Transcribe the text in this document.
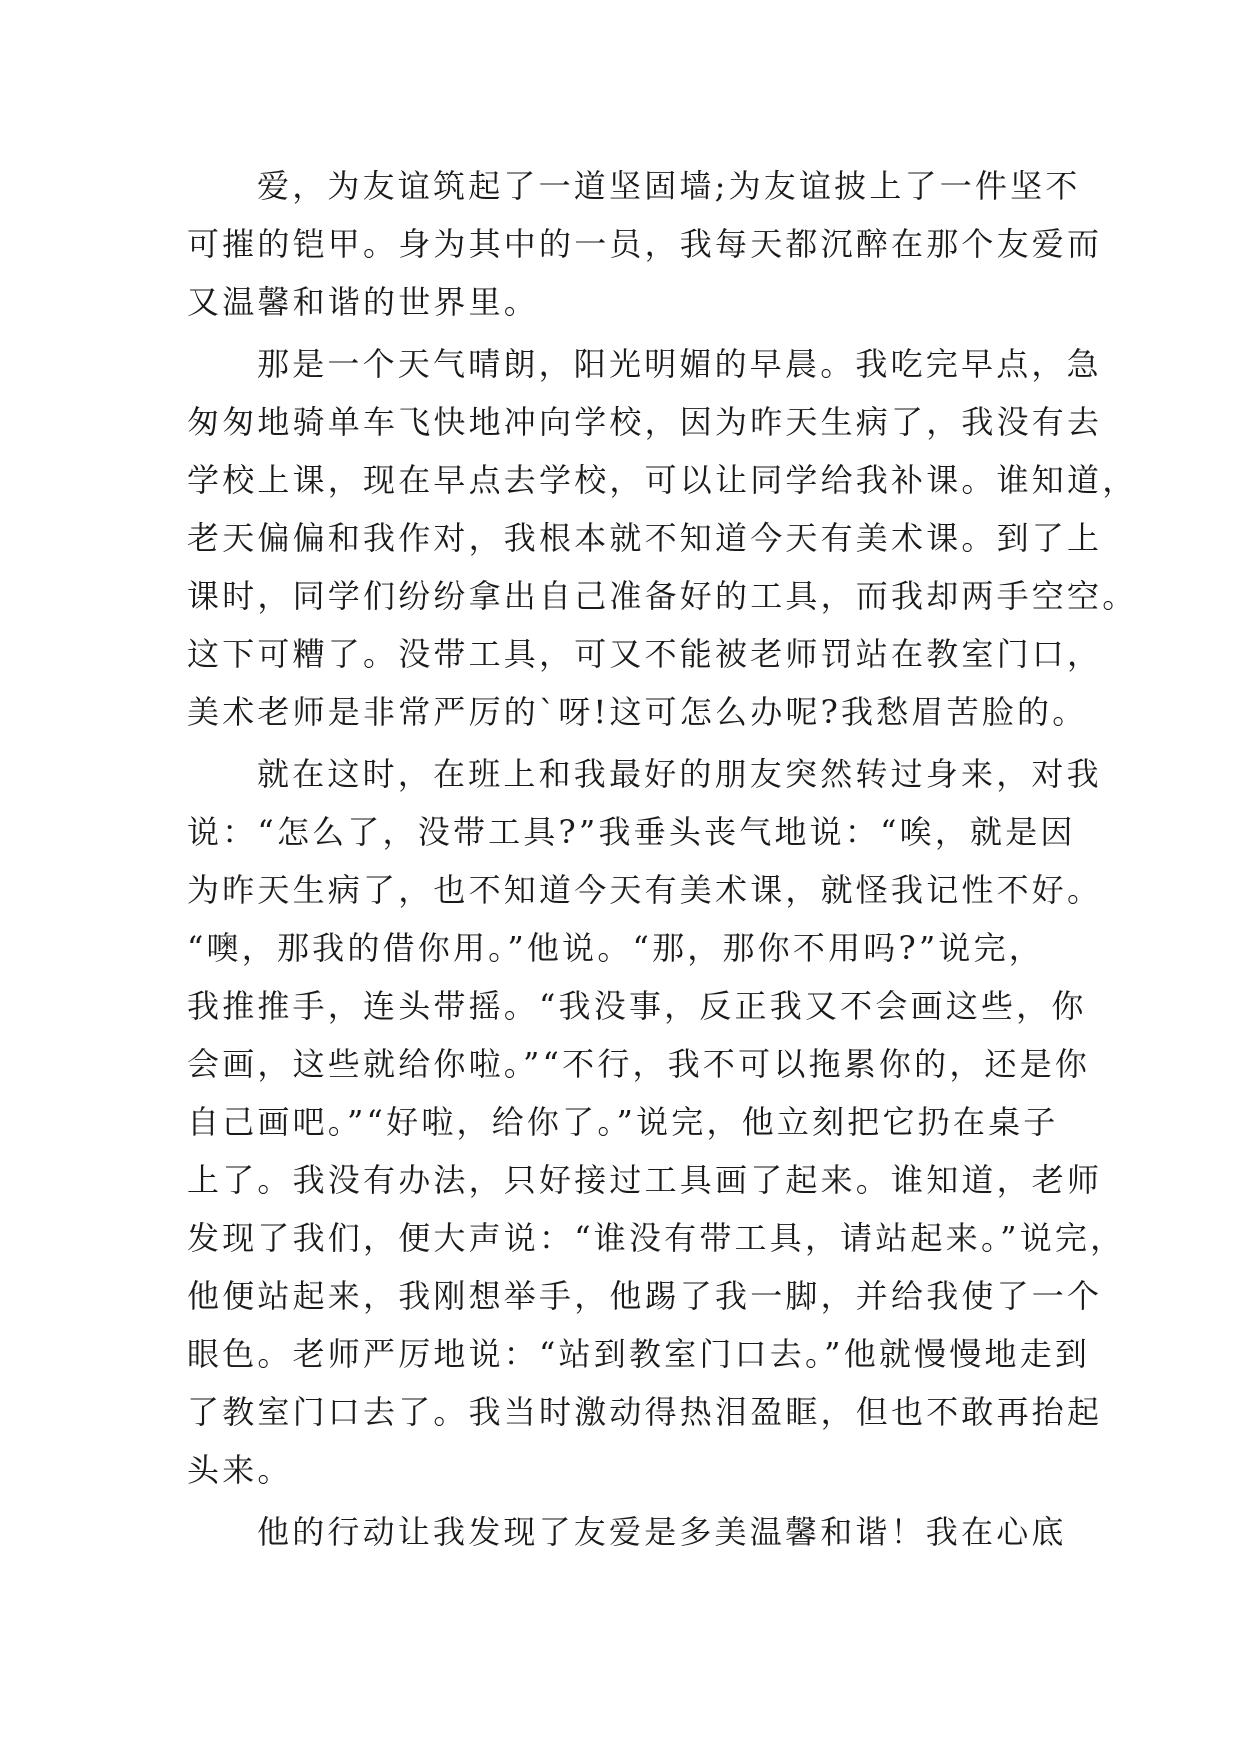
爱，为友谊筑起了一道坚固墙;为友谊披上了一件坚不
可摧的铠甲。身为其中的一员，我每天都沉醉在那个友爱而
又温馨和谐的世界里。
那是一个天气晴朗，阳光明媚的早晨。我吃完早点，急
匆匆地骑单车飞快地冲向学校，因为昨天生病了，我没有去
学校上课，现在早点去学校，可以让同学给我补课。谁知道，
老天偏偏和我作对，我根本就不知道今天有美术课。到了上
课时，同学们纷纷拿出自己准备好的工具，而我却两手空空。
这下可糟了。没带工具，可又不能被老师罚站在教室门口，
美术老师是非常严厉的`呀!这可怎么办呢?我愁眉苦脸的。
就在这时，在班上和我最好的朋友突然转过身来，对我
说：“怎么了，没带工具?”我垂头丧气地说：“唉，就是因
为昨天生病了，也不知道今天有美术课，就怪我记性不好。
“噢，那我的借你用。”他说。“那，那你不用吗?”说完，
我推推手，连头带摇。“我没事，反正我又不会画这些，你
会画，这些就给你啦。”“不行，我不可以拖累你的，还是你
自己画吧。”“好啦，给你了。”说完，他立刻把它扔在桌子
上了。我没有办法，只好接过工具画了起来。谁知道，老师
发现了我们，便大声说：“谁没有带工具，请站起来。”说完，
他便站起来，我刚想举手，他踢了我一脚，并给我使了一个
眼色。老师严厉地说：“站到教室门口去。”他就慢慢地走到
了教室门口去了。我当时激动得热泪盈眶，但也不敢再抬起
头来。
他的行动让我发现了友爱是多美温馨和谐！我在心底
